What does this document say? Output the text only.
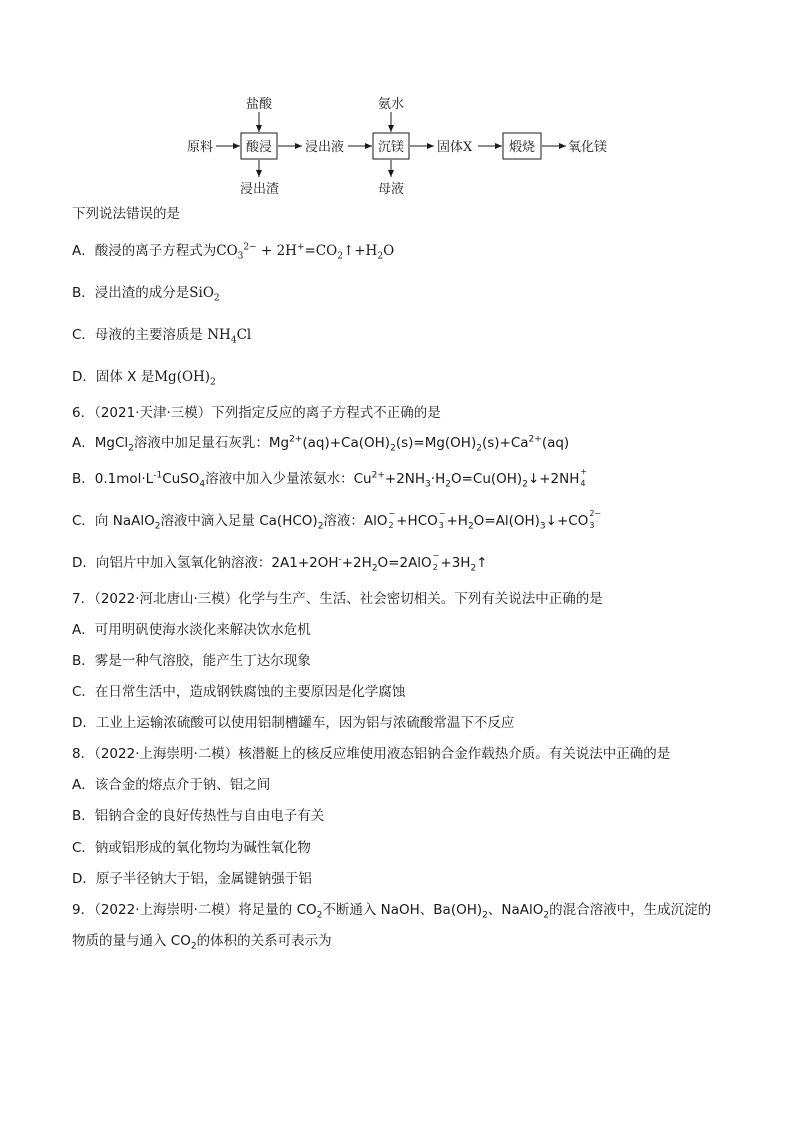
原料	酸浸
盐酸
浸出渣
浸出液	沉镁
氨水
母液
固体X	煅烧	氧化镁
下列说法错误的是
A．酸浸的离子方程式为$CO_3^{2-}$ + $2H^+=CO_2↑+H_2O$
B．浸出渣的成分是SiO$_2$
C．母液的主要溶质是 $NH_4Cl$
D．固体 X 是$Mg(OH)_2$
6．（2021·天津·三模）下列指定反应的离子方程式不正确的是
A．MgCl$_2$溶液中加足量石灰乳：$Mg^{2+}(aq)+Ca(OH)_2(s)=Mg(OH)_2(s)+Ca^{2+}(aq)$
B．$0.1mol\cdot L^{-1}CuSO_4$溶液中加入少量浓氨水：$Cu^{2+}+2NH_3\cdot H_2O=Cu(OH)_2↓+2NH$ +
4
C．向 NaAlO$_2$溶液中滴入足量 $Ca(HCO)_2$溶液：AlO −
2 +HCO −
$3 +H_2O=Al(OH)_3↓+CO$ 2−
3
D．向铝片中加入氢氧化钠溶液：$2A1+2OH^-+2H_2O=2AlO$ −
$2 +3H_2↑$
7．（2022·河北唐山·三模）化学与生产、生活、社会密切相关。下列有关说法中正确的是
A．可用明矾使海水淡化来解决饮水危机
B．雾是一种气溶胶，能产生丁达尔现象
C．在日常生活中，造成钢铁腐蚀的主要原因是化学腐蚀
D．工业上运输浓硫酸可以使用铝制槽罐车，因为铝与浓硫酸常温下不反应
8．（2022·上海崇明·二模）核潜艇上的核反应堆使用液态铝钠合金作载热介质。有关说法中正确的是
A．该合金的熔点介于钠、铝之间
B．铝钠合金的良好传热性与自由电子有关
C．钠或铝形成的氧化物均为碱性氧化物
D．原子半径钠大于铝，金属键钠强于铝
9．（2022·上海崇明·二模）将足量的 $CO_2$不断通入 NaOH、$Ba(OH)_2$、NaAlO$_2$的混合溶液中，生成沉淀的
物质的量与通入 $CO_2$的体积的关系可表示为
